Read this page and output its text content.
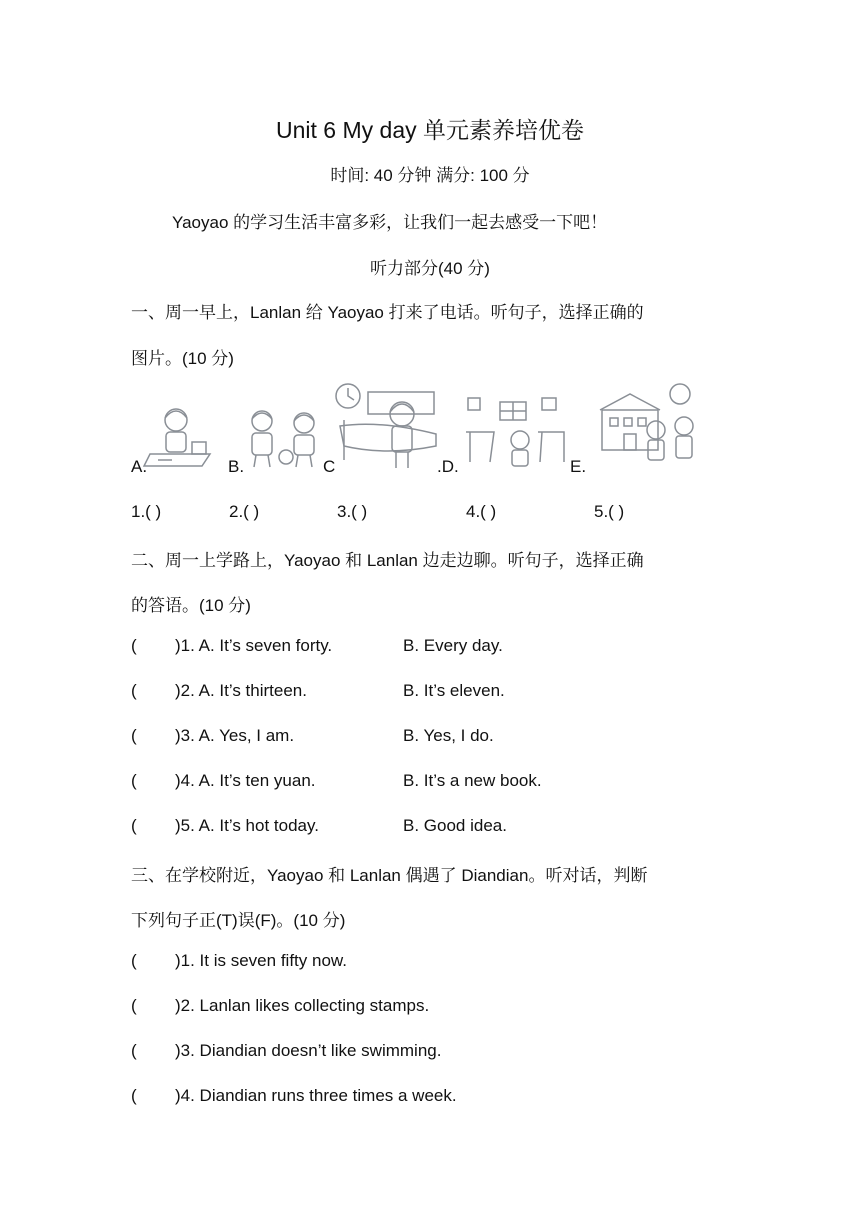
Unit 6 My day 单元素养培优卷
时间: 40 分钟 满分: 100 分
Yaoyao 的学习生活丰富多彩，让我们一起去感受一下吧！
听力部分(40 分)
一、周一早上，Lanlan 给 Yaoyao 打来了电话。听句子，选择正确的
图片。(10 分)
A.	B.	C	.D.	E.
1.( )	2.( )	3.( )	4.( )	5.( )
二、周一上学路上，Yaoyao 和 Lanlan 边走边聊。听句子，选择正确
的答语。(10 分)
( )1. A. It’s seven forty.	B. Every day.
( )2. A. It’s thirteen.	B. It’s eleven.
( )3. A. Yes, I am.	B. Yes, I do.
( )4. A. It’s ten yuan.	B. It’s a new book.
( )5. A. It’s hot today.	B. Good idea.
三、在学校附近，Yaoyao 和 Lanlan 偶遇了 Diandian。听对话，判断
下列句子正(T)误(F)。(10 分)
( )1. It is seven fifty now.
( )2. Lanlan likes collecting stamps.
( )3. Diandian doesn’t like swimming.
( )4. Diandian runs three times a week.
